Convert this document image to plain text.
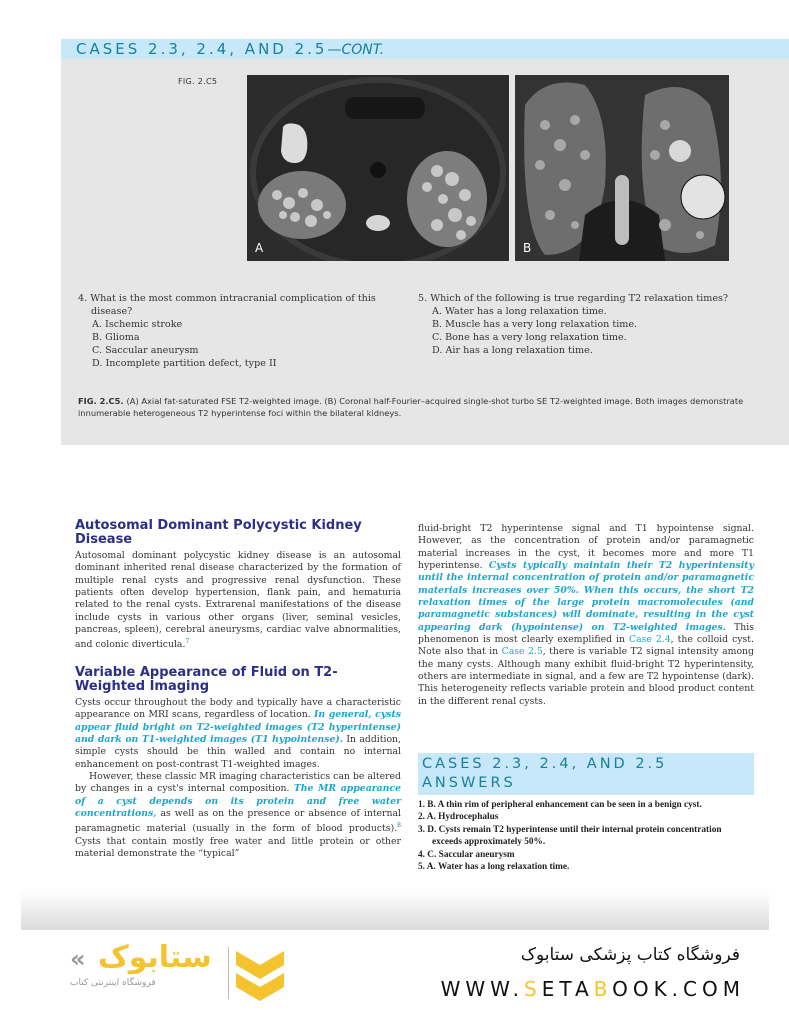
CASES 2.3, 2.4, AND 2.5—CONT.
FIG. 2.C5
A	B
4. What is the most common intracranial complication of this disease?
A. Ischemic stroke
B. Glioma
C. Saccular aneurysm
D. Incomplete partition defect, type II
5. Which of the following is true regarding T2 relaxation times?
A. Water has a long relaxation time.
B. Muscle has a very long relaxation time.
C. Bone has a very long relaxation time.
D. Air has a long relaxation time.
FIG. 2.C5. (A) Axial fat-saturated FSE T2-weighted image. (B) Coronal half-Fourier–acquired single-shot turbo SE T2-weighted image. Both images demonstrate innumerable heterogeneous T2 hyperintense foci within the bilateral kidneys.
Autosomal Dominant Polycystic Kidney Disease

Autosomal dominant polycystic kidney disease is an autosomal dominant inherited renal disease characterized by the formation of multiple renal cysts and progressive renal dysfunction. These patients often develop hypertension, flank pain, and hematuria related to the renal cysts. Extrarenal manifestations of the disease include cysts in various other organs (liver, seminal vesicles, pancreas, spleen), cerebral aneurysms, cardiac valve abnormalities, and colonic diverticula.$^7$

Variable Appearance of Fluid on T2-Weighted Imaging

Cysts occur throughout the body and typically have a characteristic appearance on MRI scans, regardless of location. In general, cysts appear fluid bright on T2-weighted images (T2 hyperintense) and dark on T1-weighted images (T1 hypointense). In addition, simple cysts should be thin walled and contain no internal enhancement on post-contrast T1-weighted images.

However, these classic MR imaging characteristics can be altered by changes in a cyst's internal composition. The MR appearance of a cyst depends on its protein and free water concentrations, as well as on the presence or absence of internal paramagnetic material (usually in the form of blood products).$^8$ Cysts that contain mostly free water and little protein or other material demonstrate the “typical”

fluid-bright T2 hyperintense signal and T1 hypointense signal. However, as the concentration of protein and/or paramagnetic material increases in the cyst, it becomes more and more T1 hyperintense. Cysts typically maintain their T2 hyperintensity until the internal concentration of protein and/or paramagnetic materials increases over 50%. When this occurs, the short T2 relaxation times of the large protein macromolecules (and paramagnetic substances) will dominate, resulting in the cyst appearing dark (hypointense) on T2-weighted images. This phenomenon is most clearly exemplified in Case 2.4, the colloid cyst. Note also that in Case 2.5, there is variable T2 signal intensity among the many cysts. Although many exhibit fluid-bright T2 hyperintensity, others are intermediate in signal, and a few are T2 hypointense (dark). This heterogeneity reflects variable protein and blood product content in the different renal cysts.

CASES 2.3, 2.4, AND 2.5 ANSWERS
1. B. A thin rim of peripheral enhancement can be seen in a benign cyst.
2. A. Hydrocephalus
3. D. Cysts remain T2 hyperintense until their internal protein concentration exceeds approximately 50%.
4. C. Saccular aneurysm
5. A. Water has a long relaxation time.
« ستابوک
فروشگاه اینترنتی کتاب
فروشگاه کتاب پزشکی ستابوک
WWW.SETABOOK.COM
